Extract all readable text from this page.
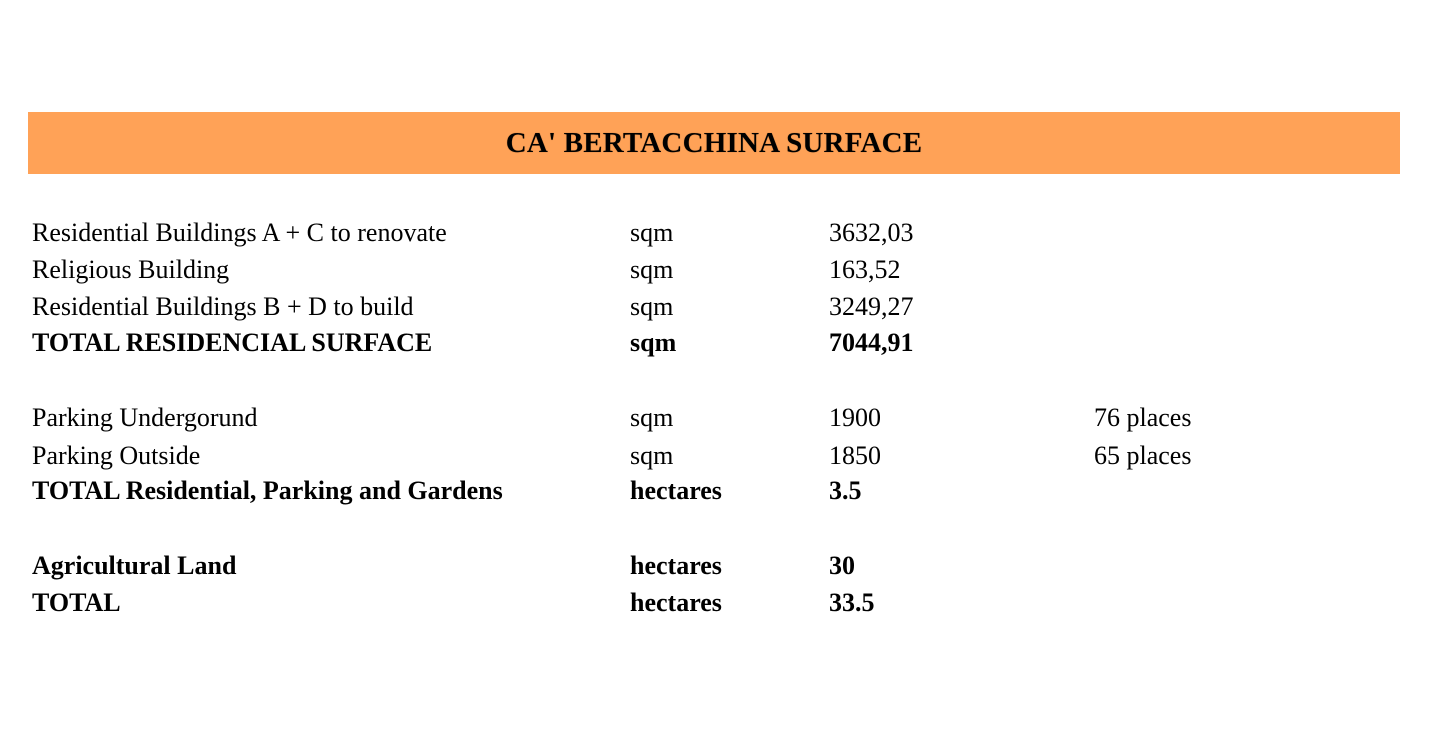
CA' BERTACCHINA SURFACE
Residential Buildings A + C to renovate	sqm	3632,03
Religious Building	sqm	163,52
Residential Buildings B + D to build	sqm	3249,27
TOTAL RESIDENCIAL SURFACE	sqm	7044,91
Parking Undergorund	sqm	1900	76 places
Parking Outside	sqm	1850	65 places
TOTAL Residential, Parking and Gardens	hectares	3.5
Agricultural Land	hectares	30
TOTAL	hectares	33.5
